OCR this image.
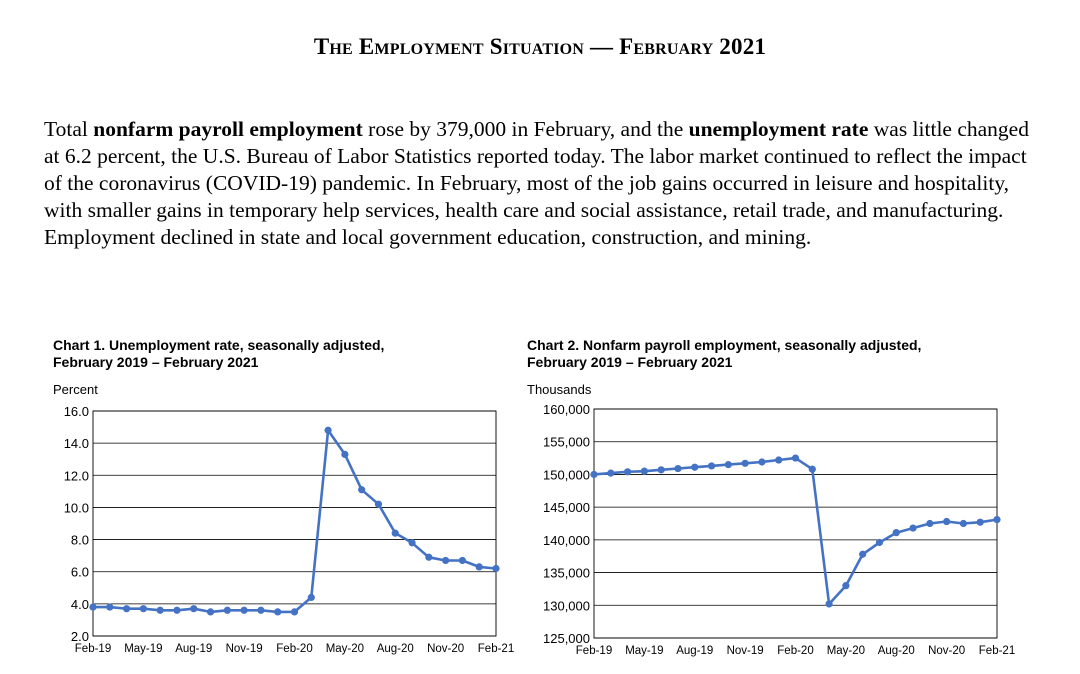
The Employment Situation — February 2021

Total nonfarm payroll employment rose by 379,000 in February, and the unemployment rate was little changed at 6.2 percent, the U.S. Bureau of Labor Statistics reported today. The labor market continued to reflect the impact of the coronavirus (COVID-19) pandemic. In February, most of the job gains occurred in leisure and hospitality, with smaller gains in temporary help services, health care and social assistance, retail trade, and manufacturing. Employment declined in state and local government education, construction, and mining.

Chart 1. Unemployment rate, seasonally adjusted,
February 2019 – February 2021
Percent
Chart 2. Nonfarm payroll employment, seasonally adjusted,
February 2019 – February 2021
Thousands
2.0
4.0
6.0
8.0
10.0
12.0
14.0
16.0
Feb-19 May-19 Aug-19 Nov-19 Feb-20 May-20 Aug-20 Nov-20 Feb-21
125,000
130,000
135,000
140,000
145,000
150,000
155,000
160,000
Feb-19 May-19 Aug-19 Nov-19 Feb-20 May-20 Aug-20 Nov-20 Feb-21
